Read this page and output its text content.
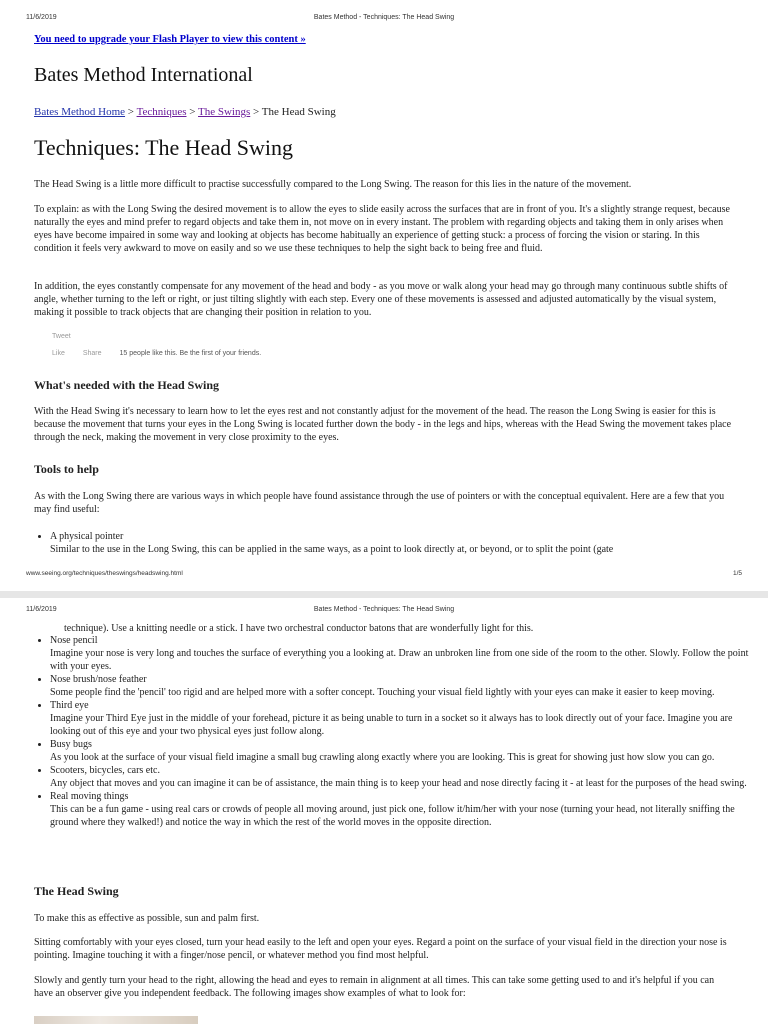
11/6/2019	Bates Method - Techniques: The Head Swing
You need to upgrade your Flash Player to view this content »
Bates Method International
Bates Method Home > Techniques > The Swings > The Head Swing
Techniques: The Head Swing

The Head Swing is a little more difficult to practise successfully compared to the Long Swing. The reason for this lies in the nature of the movement.

To explain: as with the Long Swing the desired movement is to allow the eyes to slide easily across the surfaces that are in front of you. It's a slightly strange request, because naturally the eyes and mind prefer to regard objects and take them in, not move on in every instant. The problem with regarding objects and taking them in only arises when eyes have become impaired in some way and looking at objects has become habitually an experience of getting stuck: a process of forcing the vision or staring. In this condition it feels very awkward to move on easily and so we use these techniques to help the sight back to being free and fluid.

In addition, the eyes constantly compensate for any movement of the head and body - as you move or walk along your head may go through many continuous subtle shifts of angle, whether turning to the left or right, or just tilting slightly with each step. Every one of these movements is assessed and adjusted automatically by the visual system, making it possible to track objects that are changing their position in relation to you.

Tweet
Like	Share	15 people like this. Be the first of your friends.
What's needed with the Head Swing

With the Head Swing it's necessary to learn how to let the eyes rest and not constantly adjust for the movement of the head. The reason the Long Swing is easier for this is because the movement that turns your eyes in the Long Swing is located further down the body - in the legs and hips, whereas with the Head Swing the movement takes place through the neck, making the movement in very close proximity to the eyes.

Tools to help

As with the Long Swing there are various ways in which people have found assistance through the use of pointers or with the conceptual equivalent. Here are a few that you may find useful:

• A physical pointer
Similar to the use in the Long Swing, this can be applied in the same ways, as a point to look directly at, or beyond, or to split the point (gate
www.seeing.org/techniques/theswings/headswing.html	1/5
11/6/2019	Bates Method - Techniques: The Head Swing
technique). Use a knitting needle or a stick. I have two orchestral conductor batons that are wonderfully light for this.
• Nose pencil
Imagine your nose is very long and touches the surface of everything you a looking at. Draw an unbroken line from one side of the room to the other. Slowly. Follow the point with your eyes.
• Nose brush/nose feather
Some people find the 'pencil' too rigid and are helped more with a softer concept. Touching your visual field lightly with your eyes can make it easier to keep moving.
• Third eye
Imagine your Third Eye just in the middle of your forehead, picture it as being unable to turn in a socket so it always has to look directly out of your face. Imagine you are looking out of this eye and your two physical eyes just follow along.
• Busy bugs
As you look at the surface of your visual field imagine a small bug crawling along exactly where you are looking. This is great for showing just how slow you can go.
• Scooters, bicycles, cars etc.
Any object that moves and you can imagine it can be of assistance, the main thing is to keep your head and nose directly facing it - at least for the purposes of the head swing.
• Real moving things
This can be a fun game - using real cars or crowds of people all moving around, just pick one, follow it/him/her with your nose (turning your head, not literally sniffing the ground where they walked!) and notice the way in which the rest of the world moves in the opposite direction.
The Head Swing

To make this as effective as possible, sun and palm first.

Sitting comfortably with your eyes closed, turn your head easily to the left and open your eyes. Regard a point on the surface of your visual field in the direction your nose is pointing. Imagine touching it with a finger/nose pencil, or whatever method you find most helpful.

Slowly and gently turn your head to the right, allowing the head and eyes to remain in alignment at all times. This can take some getting used to and it's helpful if you can have an observer give you independent feedback. The following images show examples of what to look for:
